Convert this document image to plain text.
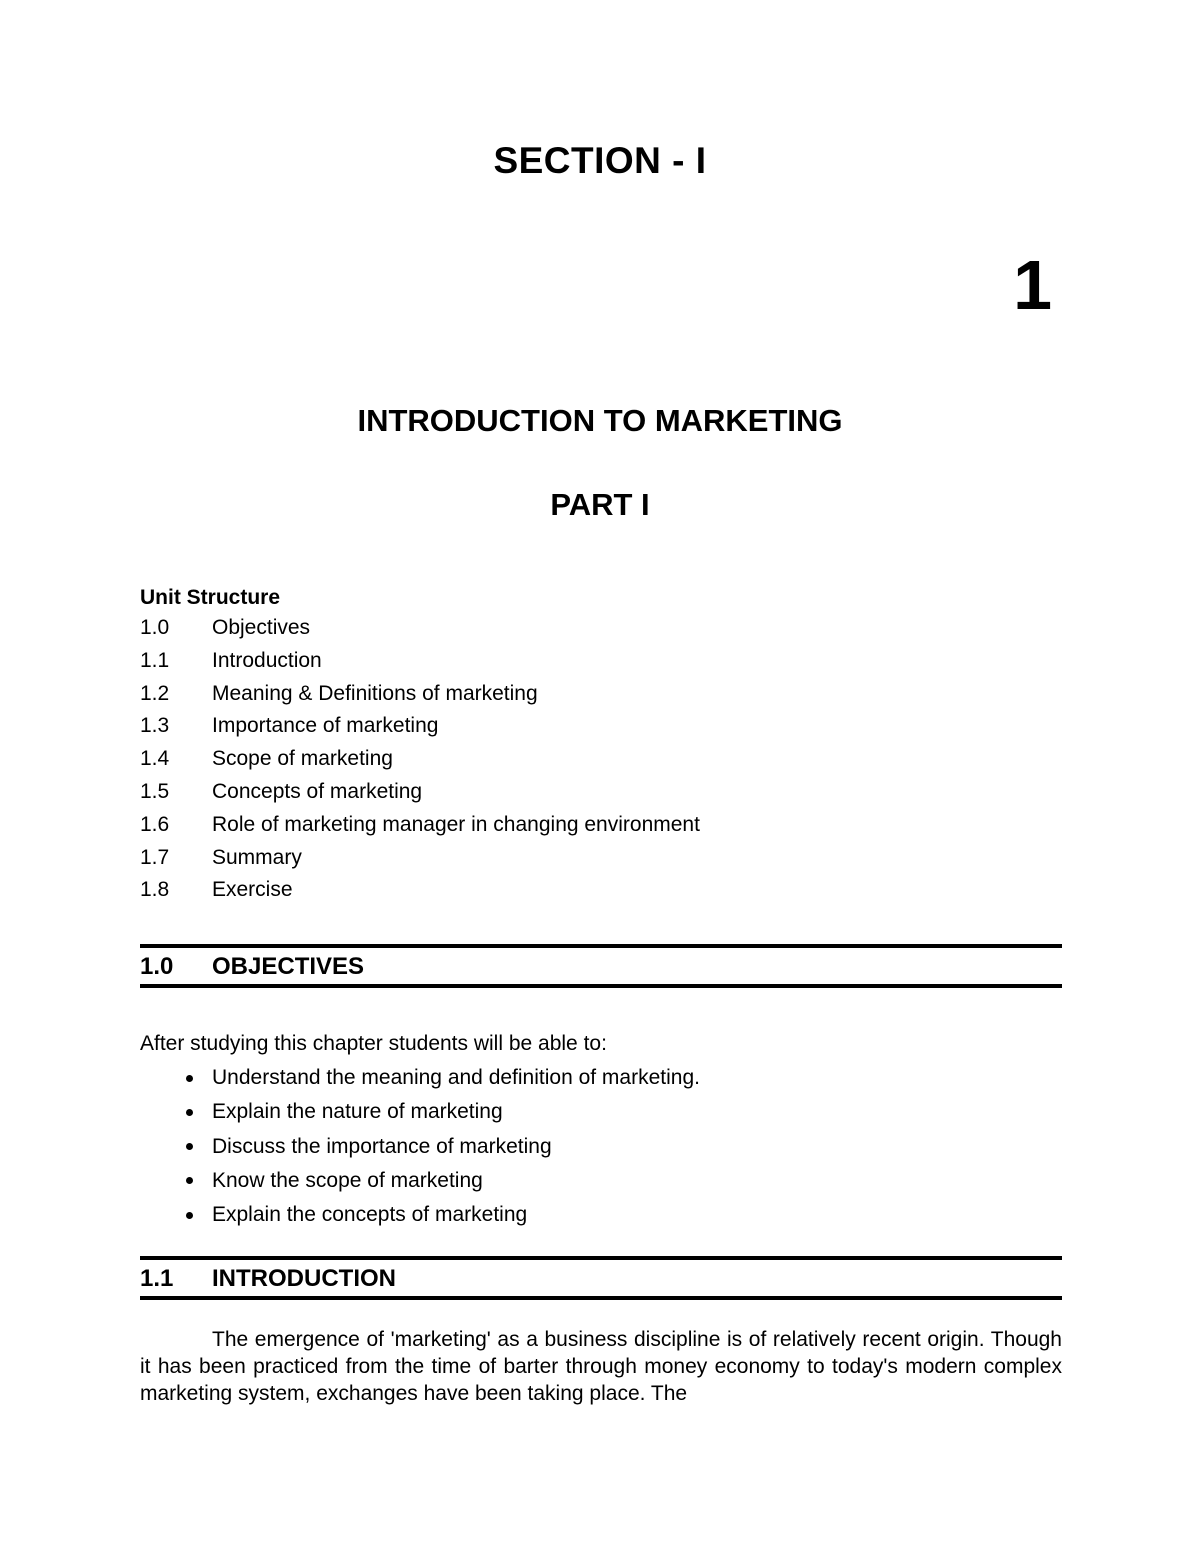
SECTION - I
1
INTRODUCTION TO MARKETING
PART I
Unit Structure
1.0	Objectives
1.1	Introduction
1.2	Meaning & Definitions of marketing
1.3	Importance of marketing
1.4	Scope of marketing
1.5	Concepts of marketing
1.6	Role of marketing manager in changing environment
1.7	Summary
1.8	Exercise
1.0	OBJECTIVES
After studying this chapter students will be able to:
Understand the meaning and definition of marketing.
Explain the nature of marketing
Discuss the importance of marketing
Know the scope of marketing
Explain the concepts of marketing
1.1	INTRODUCTION

The emergence of 'marketing' as a business discipline is of relatively recent origin. Though it has been practiced from the time of barter through money economy to today's modern complex marketing system, exchanges have been taking place. The
